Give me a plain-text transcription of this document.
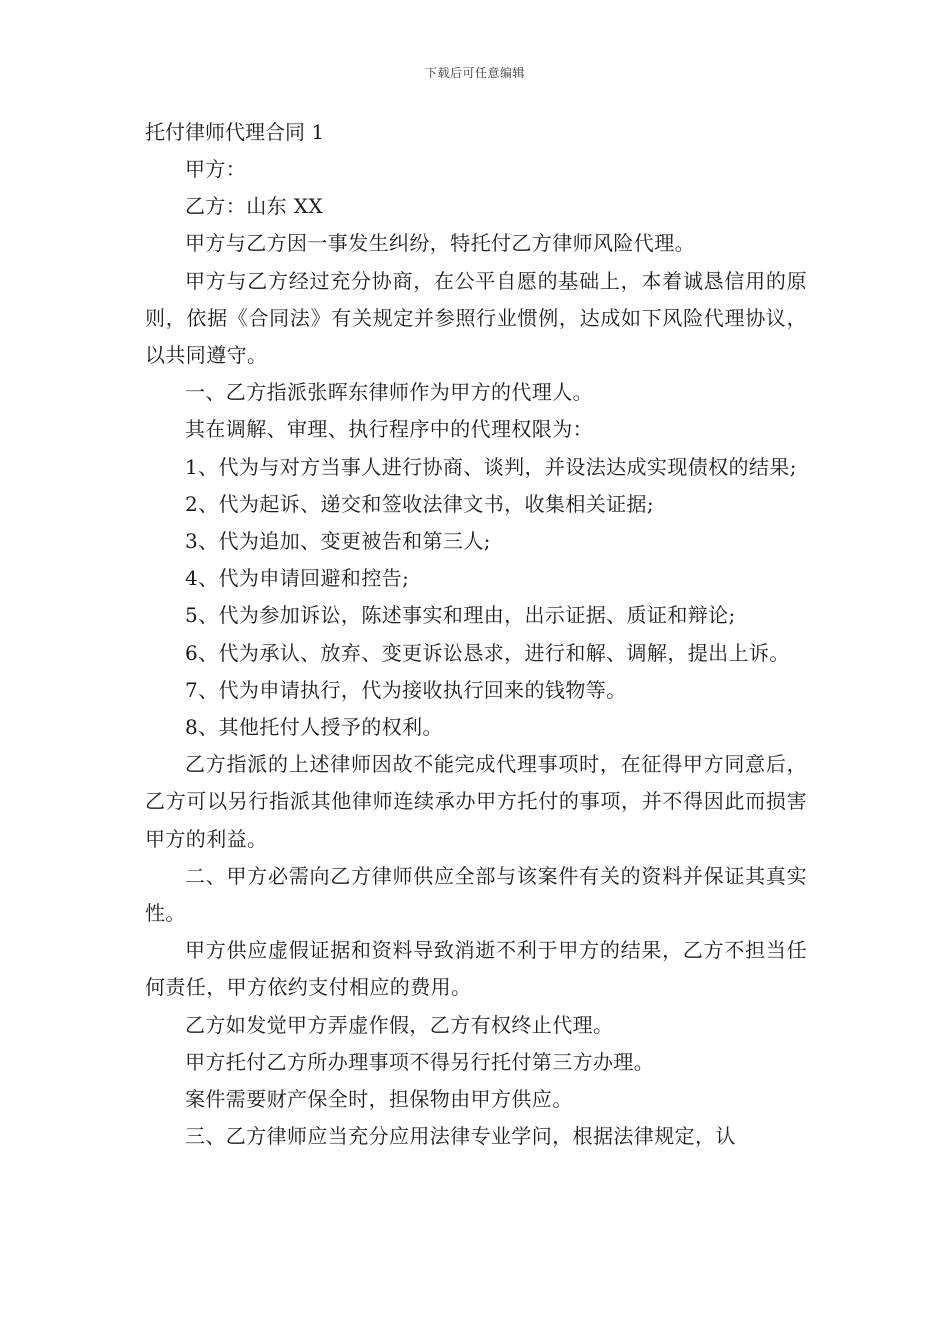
下载后可任意编辑
托付律师代理合同 1

甲方：

乙方：山东 XX

甲方与乙方因一事发生纠纷，特托付乙方律师风险代理。

甲方与乙方经过充分协商，在公平自愿的基础上，本着诚恳信用的原则，依据《合同法》有关规定并参照行业惯例，达成如下风险代理协议，以共同遵守。

一、乙方指派张晖东律师作为甲方的代理人。

其在调解、审理、执行程序中的代理权限为：

1、代为与对方当事人进行协商、谈判，并设法达成实现债权的结果;

2、代为起诉、递交和签收法律文书，收集相关证据;

3、代为追加、变更被告和第三人;

4、代为申请回避和控告;

5、代为参加诉讼，陈述事实和理由，出示证据、质证和辩论;

6、代为承认、放弃、变更诉讼恳求，进行和解、调解，提出上诉。

7、代为申请执行，代为接收执行回来的钱物等。

8、其他托付人授予的权利。

乙方指派的上述律师因故不能完成代理事项时，在征得甲方同意后，乙方可以另行指派其他律师连续承办甲方托付的事项，并不得因此而损害甲方的利益。

二、甲方必需向乙方律师供应全部与该案件有关的资料并保证其真实性。

甲方供应虚假证据和资料导致消逝不利于甲方的结果，乙方不担当任何责任，甲方依约支付相应的费用。

乙方如发觉甲方弄虚作假，乙方有权终止代理。

甲方托付乙方所办理事项不得另行托付第三方办理。

案件需要财产保全时，担保物由甲方供应。

三、乙方律师应当充分应用法律专业学问，根据法律规定，认
